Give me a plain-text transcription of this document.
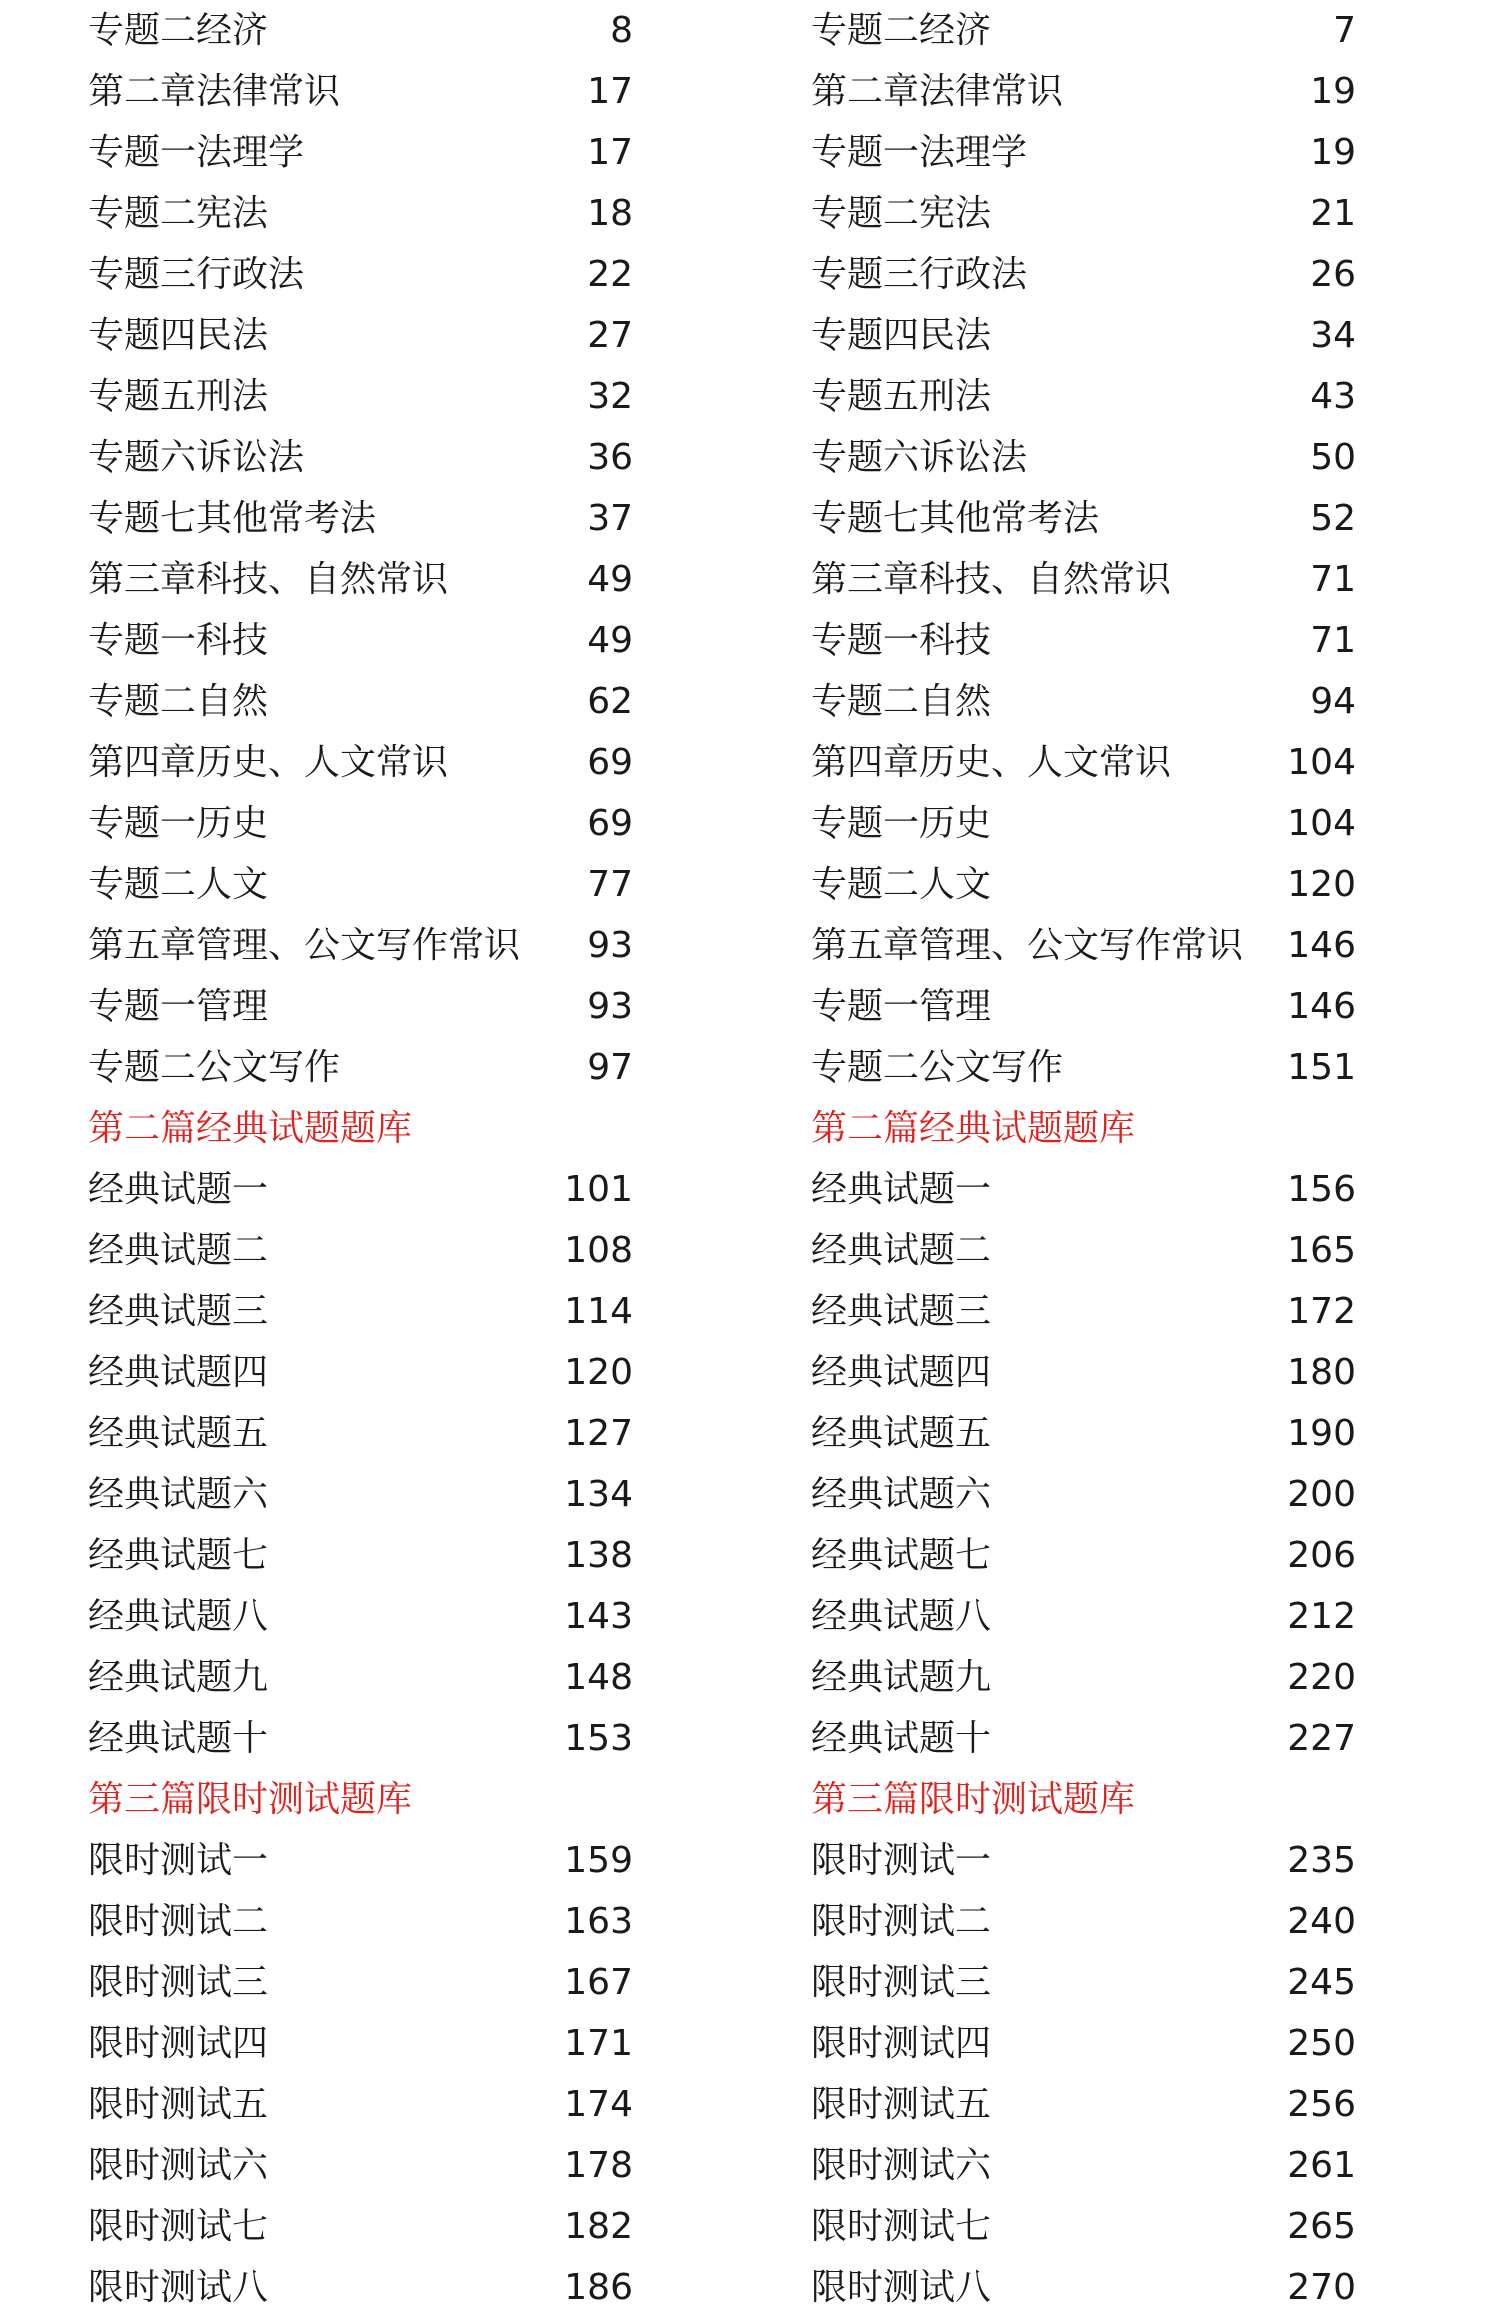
专题二经济	8
第二章法律常识	17
专题一法理学	17
专题二宪法	18
专题三行政法	22
专题四民法	27
专题五刑法	32
专题六诉讼法	36
专题七其他常考法	37
第三章科技、自然常识	49
专题一科技	49
专题二自然	62
第四章历史、人文常识	69
专题一历史	69
专题二人文	77
第五章管理、公文写作常识 93
专题一管理	93
专题二公文写作	97
第二篇经典试题题库
经典试题一	101
经典试题二	108
经典试题三	114
经典试题四	120
经典试题五	127
经典试题六	134
经典试题七	138
经典试题八	143
经典试题九	148
经典试题十	153
第三篇限时测试题库
限时测试一	159
限时测试二	163
限时测试三	167
限时测试四	171
限时测试五	174
限时测试六	178
限时测试七	182
限时测试八	186
专题二经济	7
第二章法律常识	19
专题一法理学	19
专题二宪法	21
专题三行政法	26
专题四民法	34
专题五刑法	43
专题六诉讼法	50
专题七其他常考法	52
第三章科技、自然常识	71
专题一科技	71
专题二自然	94
第四章历史、人文常识	104
专题一历史	104
专题二人文	120
第五章管理、公文写作常识 146
专题一管理	146
专题二公文写作	151
第二篇经典试题题库
经典试题一	156
经典试题二	165
经典试题三	172
经典试题四	180
经典试题五	190
经典试题六	200
经典试题七	206
经典试题八	212
经典试题九	220
经典试题十	227
第三篇限时测试题库
限时测试一	235
限时测试二	240
限时测试三	245
限时测试四	250
限时测试五	256
限时测试六	261
限时测试七	265
限时测试八	270
